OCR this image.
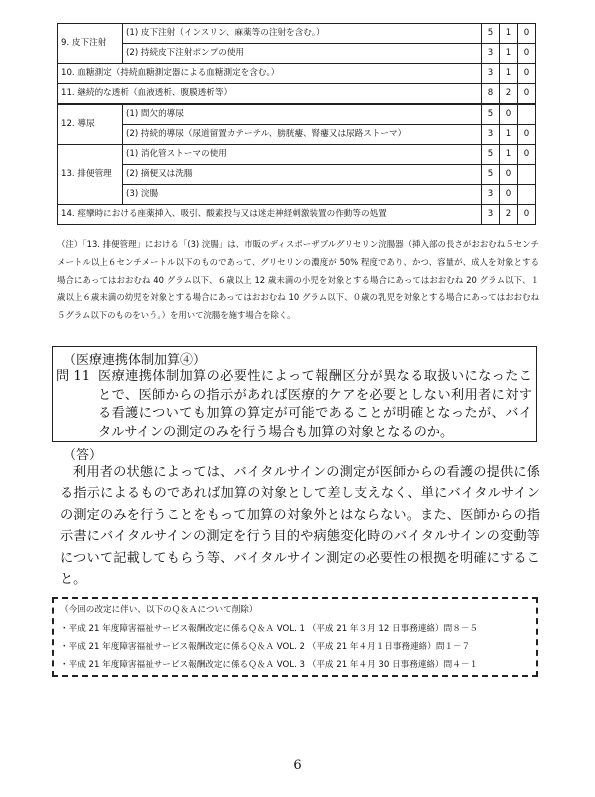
9. 皮下注射	(1) 皮下注射（インスリン、麻薬等の注射を含む。）	5	1	0
	(2) 持続皮下注射ポンプの使用	3	1	0
10. 血糖測定（持続血糖測定器による血糖測定を含む。）		3	1	0
11. 継続的な透析（血液透析、腹膜透析等）		8	2	0
12. 導尿	(1) 間欠的導尿	5	0	
	(2) 持続的導尿（尿道留置カテーテル、膀胱瘻、腎瘻又は尿路ストーマ）	3	1	0
13. 排便管理	(1) 消化管ストーマの使用	5	1	0
	(2) 摘便又は洗腸	5	0	
	(3) 浣腸	3	0	
14. 痙攣時における座薬挿入、吸引、酸素投与又は迷走神経刺激装置の作動等の処置		3	2	0
（注）「13. 排便管理」における「(3) 浣腸」は、市販のディスポーザブルグリセリン浣腸器（挿入部の長さがおおむね５センチメートル以上６センチメートル以下のものであって、グリセリンの濃度が 50% 程度であり、かつ、容量が、成人を対象とする場合にあってはおおむね 40 グラム以下、６歳以上 12 歳未満の小児を対象とする場合にあってはおおむね 20 グラム以下、１歳以上６歳未満の幼児を対象とする場合にあってはおおむね 10 グラム以下、０歳の乳児を対象とする場合にあってはおおむね５グラム以下のものをいう。）を用いて浣腸を施す場合を除く。
（医療連携体制加算④）
問 11 医療連携体制加算の必要性によって報酬区分が異なる取扱いになったことで、医師からの指示があれば医療的ケアを必要としない利用者に対する看護についても加算の算定が可能であることが明確となったが、バイタルサインの測定のみを行う場合も加算の対象となるのか。
（答）
利用者の状態によっては、バイタルサインの測定が医師からの看護の提供に係る指示によるものであれば加算の対象として差し支えなく、単にバイタルサインの測定のみを行うことをもって加算の対象外とはならない。また、医師からの指示書にバイタルサインの測定を行う目的や病態変化時のバイタルサインの変動等について記載してもらう等、バイタルサイン測定の必要性の根拠を明確にすること。
（今回の改定に伴い、以下のＱ＆Ａについて削除）
・平成 21 年度障害福祉サービス報酬改定に係るＱ＆Ａ VOL. 1 （平成 21 年３月 12 日事務連絡）問８－５
・平成 21 年度障害福祉サービス報酬改定に係るＱ＆Ａ VOL. 2 （平成 21 年４月１日事務連絡）問１－７
・平成 21 年度障害福祉サービス報酬改定に係るＱ＆Ａ VOL. 3 （平成 21 年４月 30 日事務連絡）問４－１
6
